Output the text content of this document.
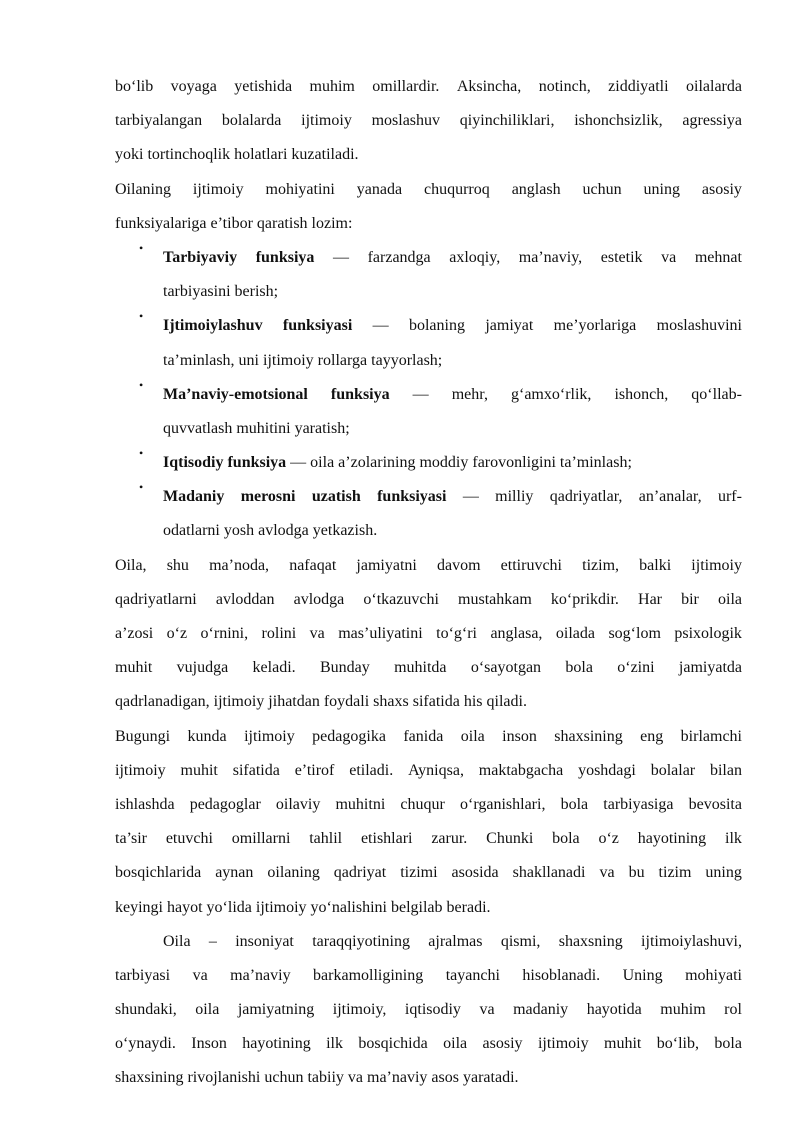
bo‘lib voyaga yetishida muhim omillardir. Aksincha, notinch, ziddiyatli oilalarda
tarbiyalangan bolalarda ijtimoiy moslashuv qiyinchiliklari, ishonchsizlik, agressiya
yoki tortinchoqlik holatlari kuzatiladi.
Oilaning ijtimoiy mohiyatini yanada chuqurroq anglash uchun uning asosiy
funksiyalariga e’tibor qaratish lozim:
•
Tarbiyaviy funksiya — farzandga axloqiy, ma’naviy, estetik va mehnat
tarbiyasini berish;
•
Ijtimoiylashuv funksiyasi — bolaning jamiyat me’yorlariga moslashuvini
ta’minlash, uni ijtimoiy rollarga tayyorlash;
•
Ma’naviy-emotsional funksiya — mehr, g‘amxo‘rlik, ishonch, qo‘llab-
quvvatlash muhitini yaratish;
•
Iqtisodiy funksiya — oila a’zolarining moddiy farovonligini ta’minlash;
•
Madaniy merosni uzatish funksiyasi — milliy qadriyatlar, an’analar, urf-
odatlarni yosh avlodga yetkazish.
Oila, shu ma’noda, nafaqat jamiyatni davom ettiruvchi tizim, balki ijtimoiy
qadriyatlarni avloddan avlodga o‘tkazuvchi mustahkam ko‘prikdir. Har bir oila
a’zosi o‘z o‘rnini, rolini va mas’uliyatini to‘g‘ri anglasa, oilada sog‘lom psixologik
muhit vujudga keladi. Bunday muhitda o‘sayotgan bola o‘zini jamiyatda
qadrlanadigan, ijtimoiy jihatdan foydali shaxs sifatida his qiladi.
Bugungi kunda ijtimoiy pedagogika fanida oila inson shaxsining eng birlamchi
ijtimoiy muhit sifatida e’tirof etiladi. Ayniqsa, maktabgacha yoshdagi bolalar bilan
ishlashda pedagoglar oilaviy muhitni chuqur o‘rganishlari, bola tarbiyasiga bevosita
ta’sir etuvchi omillarni tahlil etishlari zarur. Chunki bola o‘z hayotining ilk
bosqichlarida aynan oilaning qadriyat tizimi asosida shakllanadi va bu tizim uning
keyingi hayot yo‘lida ijtimoiy yo‘nalishini belgilab beradi.
Oila – insoniyat taraqqiyotining ajralmas qismi, shaxsning ijtimoiylashuvi,
tarbiyasi va ma’naviy barkamolligining tayanchi hisoblanadi. Uning mohiyati
shundaki, oila jamiyatning ijtimoiy, iqtisodiy va madaniy hayotida muhim rol
o‘ynaydi. Inson hayotining ilk bosqichida oila asosiy ijtimoiy muhit bo‘lib, bola
shaxsining rivojlanishi uchun tabiiy va ma’naviy asos yaratadi.
